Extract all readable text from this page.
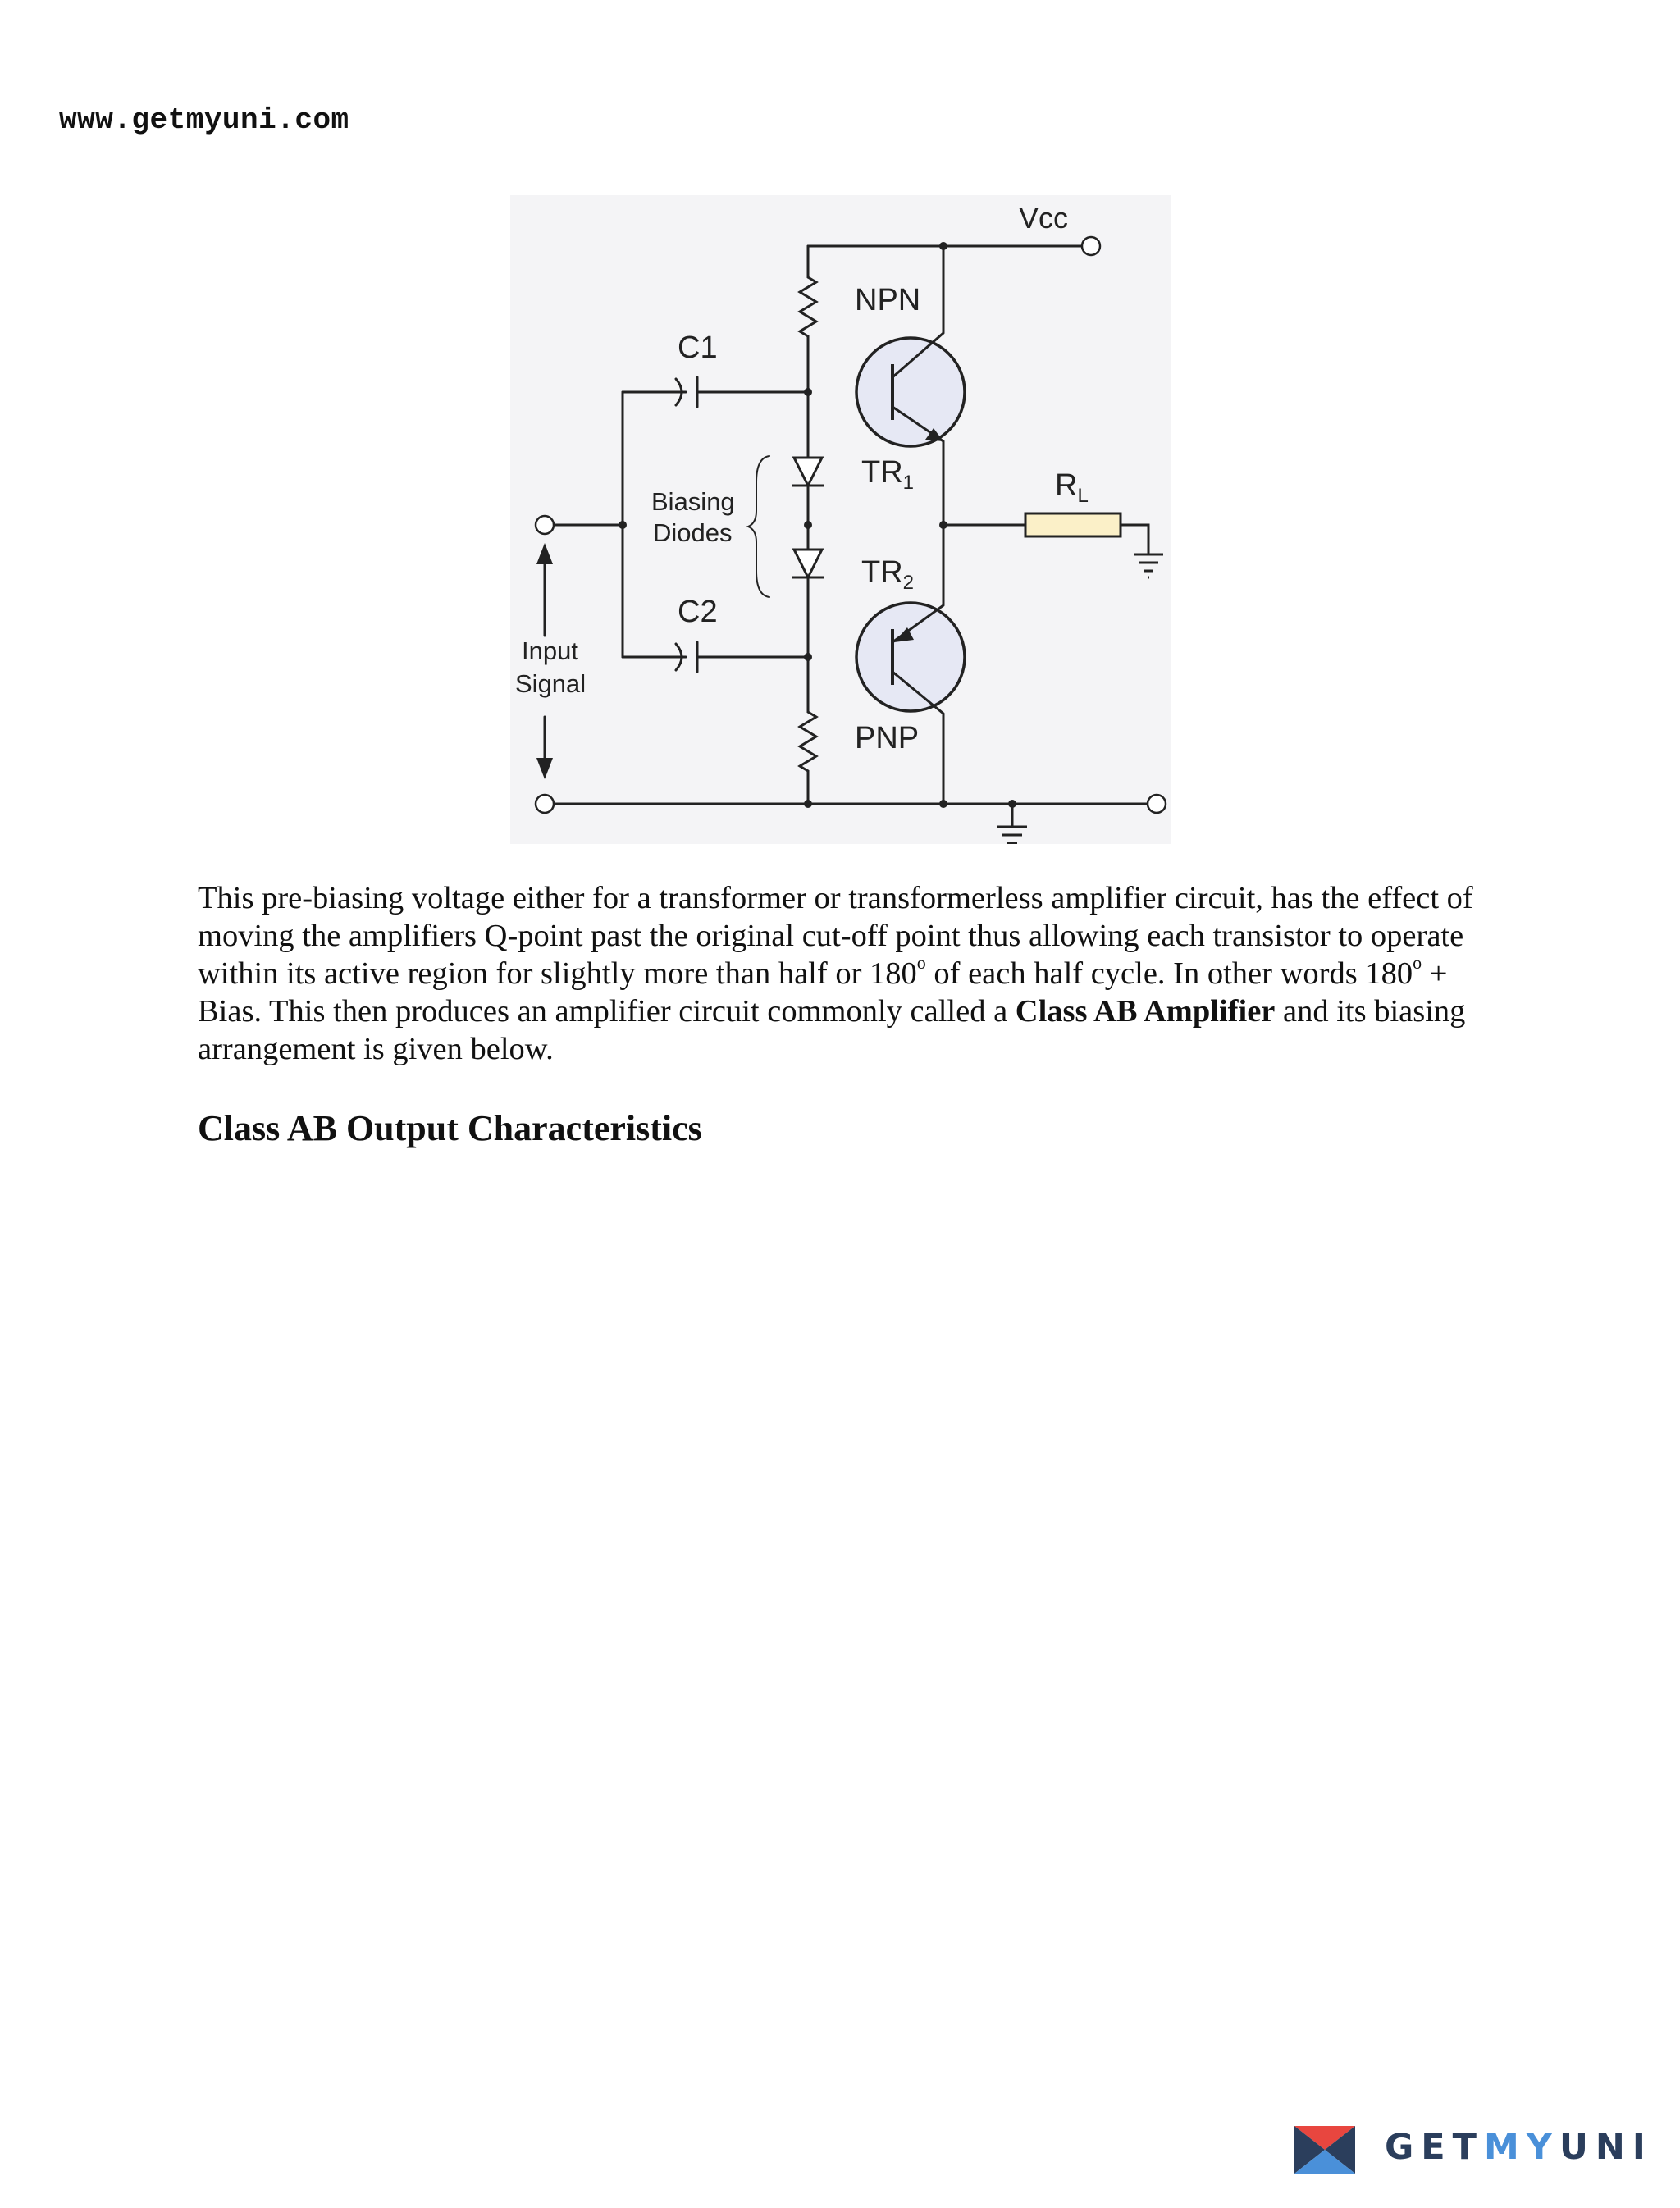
www.getmyuni.com
Vcc
NPN
PNP
C1
C2
$TR_1$
$TR_2$
$R_L$
Biasing
Diodes
Input
Signal
This pre-biasing voltage either for a transformer or transformerless amplifier circuit, has the effect of moving the amplifiers Q-point past the original cut-off point thus allowing each transistor to operate within its active region for slightly more than half or 180$^o$ of each half cycle. In other words $180^o$ + Bias. This then produces an amplifier circuit commonly called a Class AB Amplifier and its biasing arrangement is given below.
Class AB Output Characteristics
GETMYUNI
